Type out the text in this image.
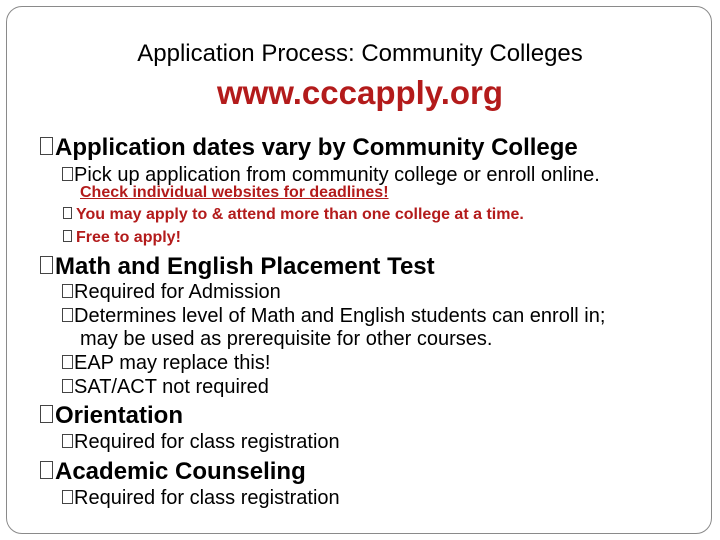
Application Process: Community Colleges
www.cccapply.org
Application dates vary by Community College
Pick up application from community college or enroll online.
Check individual websites for deadlines!
You may apply to & attend more than one college at a time.
Free to apply!
Math and English Placement Test
Required for Admission
Determines level of Math and English students can enroll in;
may be used as prerequisite for other courses.
EAP may replace this!
SAT/ACT not required
Orientation
Required for class registration
Academic Counseling
Required for class registration
